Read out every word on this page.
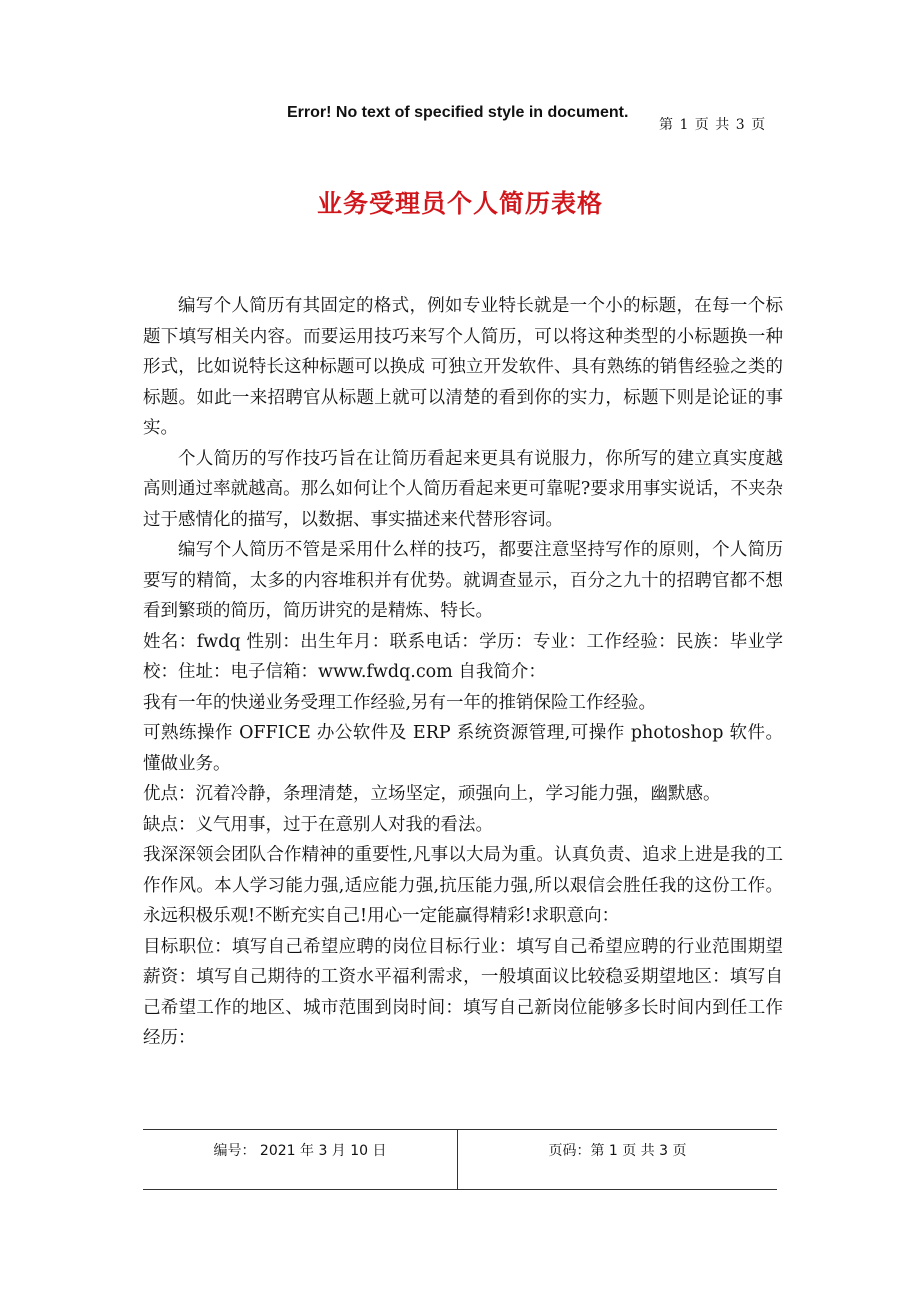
Error! No text of specified style in document.
第 1 页 共 3 页
业务受理员个人简历表格

编写个人简历有其固定的格式，例如专业特长就是一个小的标题，在每一个标题下填写相关内容。而要运用技巧来写个人简历，可以将这种类型的小标题换一种形式，比如说特长这种标题可以换成 可独立开发软件、具有熟练的销售经验之类的标题。如此一来招聘官从标题上就可以清楚的看到你的实力，标题下则是论证的事实。

个人简历的写作技巧旨在让简历看起来更具有说服力，你所写的建立真实度越高则通过率就越高。那么如何让个人简历看起来更可靠呢?要求用事实说话，不夹杂过于感情化的描写，以数据、事实描述来代替形容词。

编写个人简历不管是采用什么样的技巧，都要注意坚持写作的原则，个人简历要写的精简，太多的内容堆积并有优势。就调查显示，百分之九十的招聘官都不想看到繁琐的简历，简历讲究的是精炼、特长。

姓名：fwdq 性别：出生年月：联系电话：学历：专业：工作经验：民族：毕业学校：住址：电子信箱：www.fwdq.com 自我简介：

我有一年的快递业务受理工作经验,另有一年的推销保险工作经验。

可熟练操作 OFFICE 办公软件及 ERP 系统资源管理,可操作 photoshop 软件。懂做业务。

优点：沉着冷静，条理清楚，立场坚定，顽强向上，学习能力强，幽默感。

缺点：义气用事，过于在意别人对我的看法。

我深深领会团队合作精神的重要性,凡事以大局为重。认真负责、追求上进是我的工作作风。本人学习能力强,适应能力强,抗压能力强,所以艰信会胜任我的这份工作。永远积极乐观!不断充实自己!用心一定能赢得精彩!求职意向：

目标职位：填写自己希望应聘的岗位目标行业：填写自己希望应聘的行业范围期望薪资：填写自己期待的工资水平福利需求，一般填面议比较稳妥期望地区：填写自己希望工作的地区、城市范围到岗时间：填写自己新岗位能够多长时间内到任工作经历：

编号： 2021 年 3 月 10 日	页码：第 1 页 共 3 页
